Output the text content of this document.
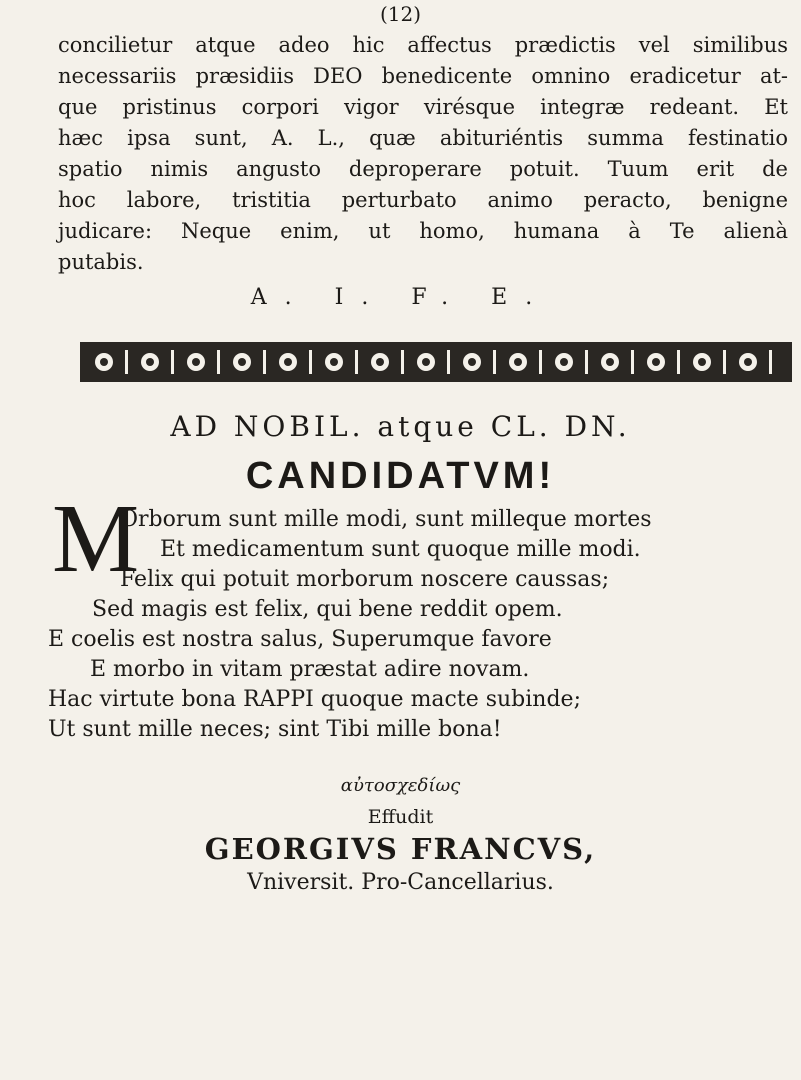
(12)
concilietur atque adeo hic affectus prædictis vel similibus
necessariis præsidiis DEO benedicente omnino eradicetur at-
que pristinus corpori vigor virésque integræ redeant. Et
hæc ipsa sunt, A. L., quæ abituriéntis summa festinatio
spatio nimis angusto deproperare potuit. Tuum erit de
hoc labore, tristitia perturbato animo peracto, benigne
judicare: Neque enim, ut homo, humana à Te alienà
putabis.
A. I. F. E.
AD NOBIL. atque CL. DN.
CANDIDATVM!
M
Orborum sunt mille modi, sunt milleque mortes
Et medicamentum sunt quoque mille modi.
Felix qui potuit morborum noscere caussas;
Sed magis est felix, qui bene reddit opem.
E coelis est nostra salus, Superumque favore
E morbo in vitam præstat adire novam.
Hac virtute bona RAPPI quoque macte subinde;
Ut sunt mille neces; sint Tibi mille bona!
αὐτοσχεδίως
Effudit
GEORGIVS FRANCVS,
Vniversit. Pro-Cancellarius.
